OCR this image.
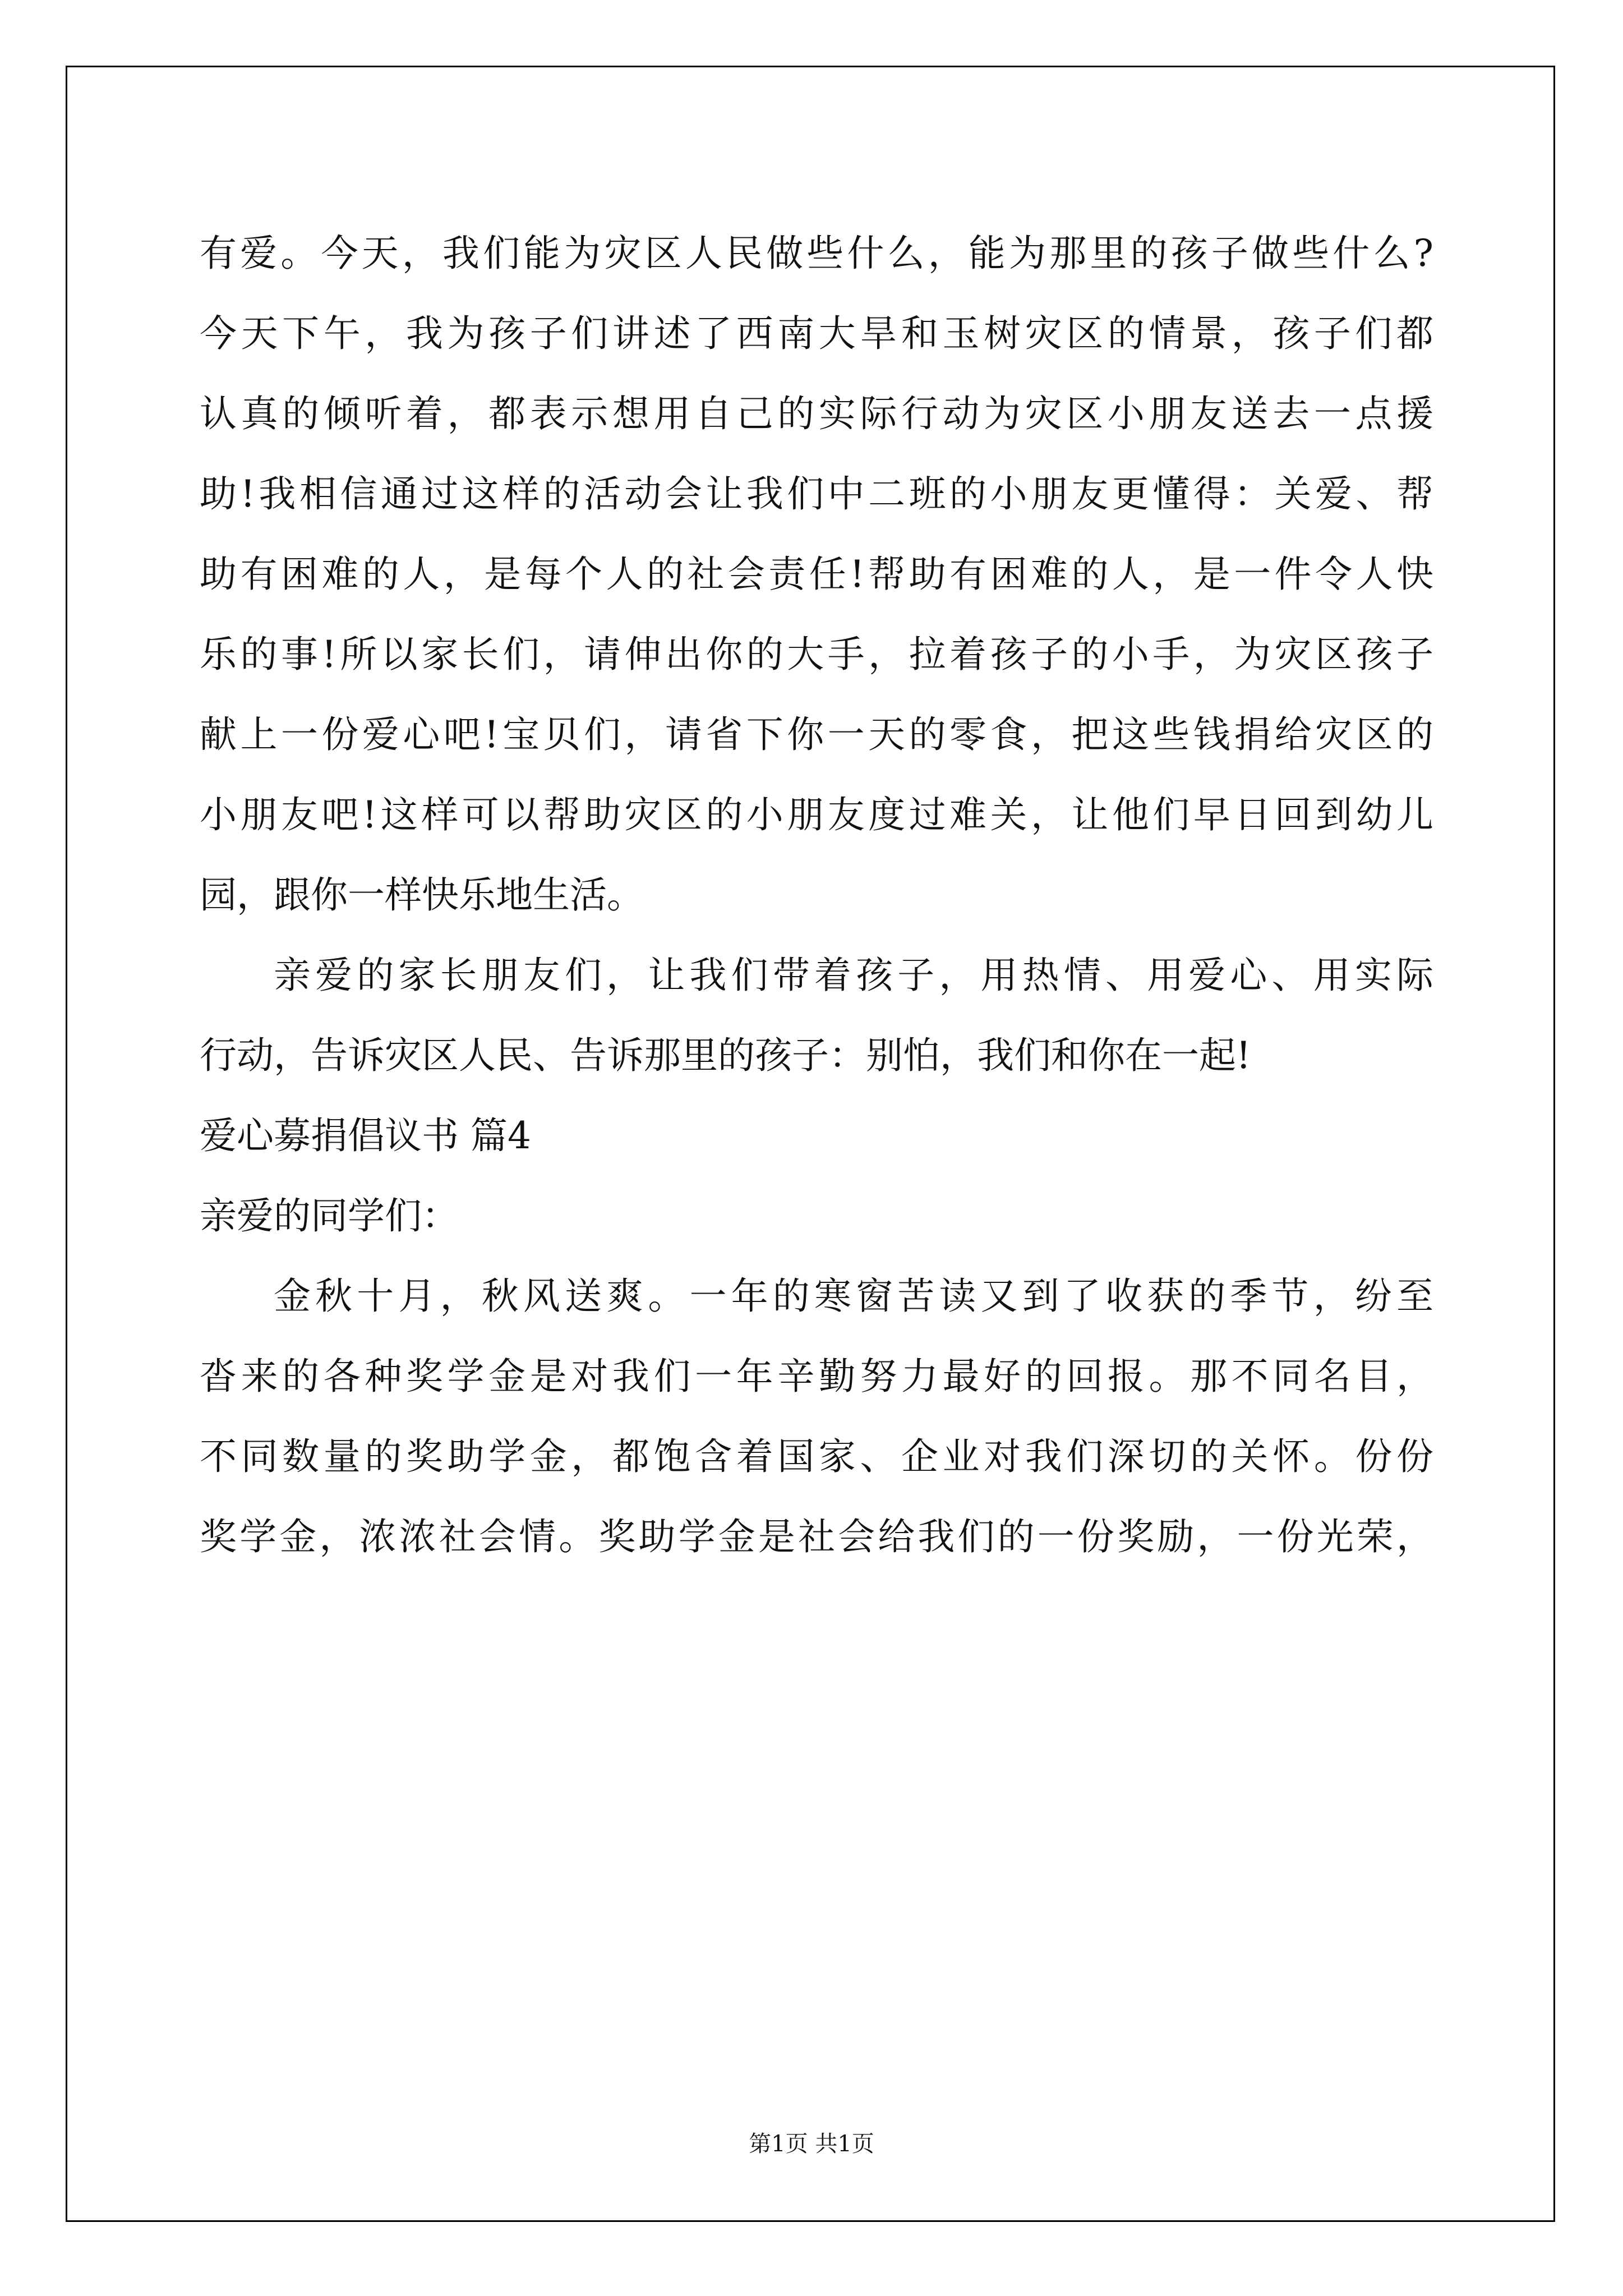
有爱。今天，我们能为灾区人民做些什么，能为那里的孩子做些什么?
今天下午，我为孩子们讲述了西南大旱和玉树灾区的情景，孩子们都
认真的倾听着，都表示想用自己的实际行动为灾区小朋友送去一点援
助!我相信通过这样的活动会让我们中二班的小朋友更懂得：关爱、帮
助有困难的人，是每个人的社会责任!帮助有困难的人，是一件令人快
乐的事!所以家长们，请伸出你的大手，拉着孩子的小手，为灾区孩子
献上一份爱心吧!宝贝们，请省下你一天的零食，把这些钱捐给灾区的
小朋友吧!这样可以帮助灾区的小朋友度过难关，让他们早日回到幼儿
园，跟你一样快乐地生活。
亲爱的家长朋友们，让我们带着孩子，用热情、用爱心、用实际
行动，告诉灾区人民、告诉那里的孩子：别怕，我们和你在一起!
爱心募捐倡议书 篇4
亲爱的同学们：
金秋十月，秋风送爽。一年的寒窗苦读又到了收获的季节，纷至
沓来的各种奖学金是对我们一年辛勤努力最好的回报。那不同名目，
不同数量的奖助学金，都饱含着国家、企业对我们深切的关怀。份份
奖学金，浓浓社会情。奖助学金是社会给我们的一份奖励，一份光荣，
第1页 共1页
